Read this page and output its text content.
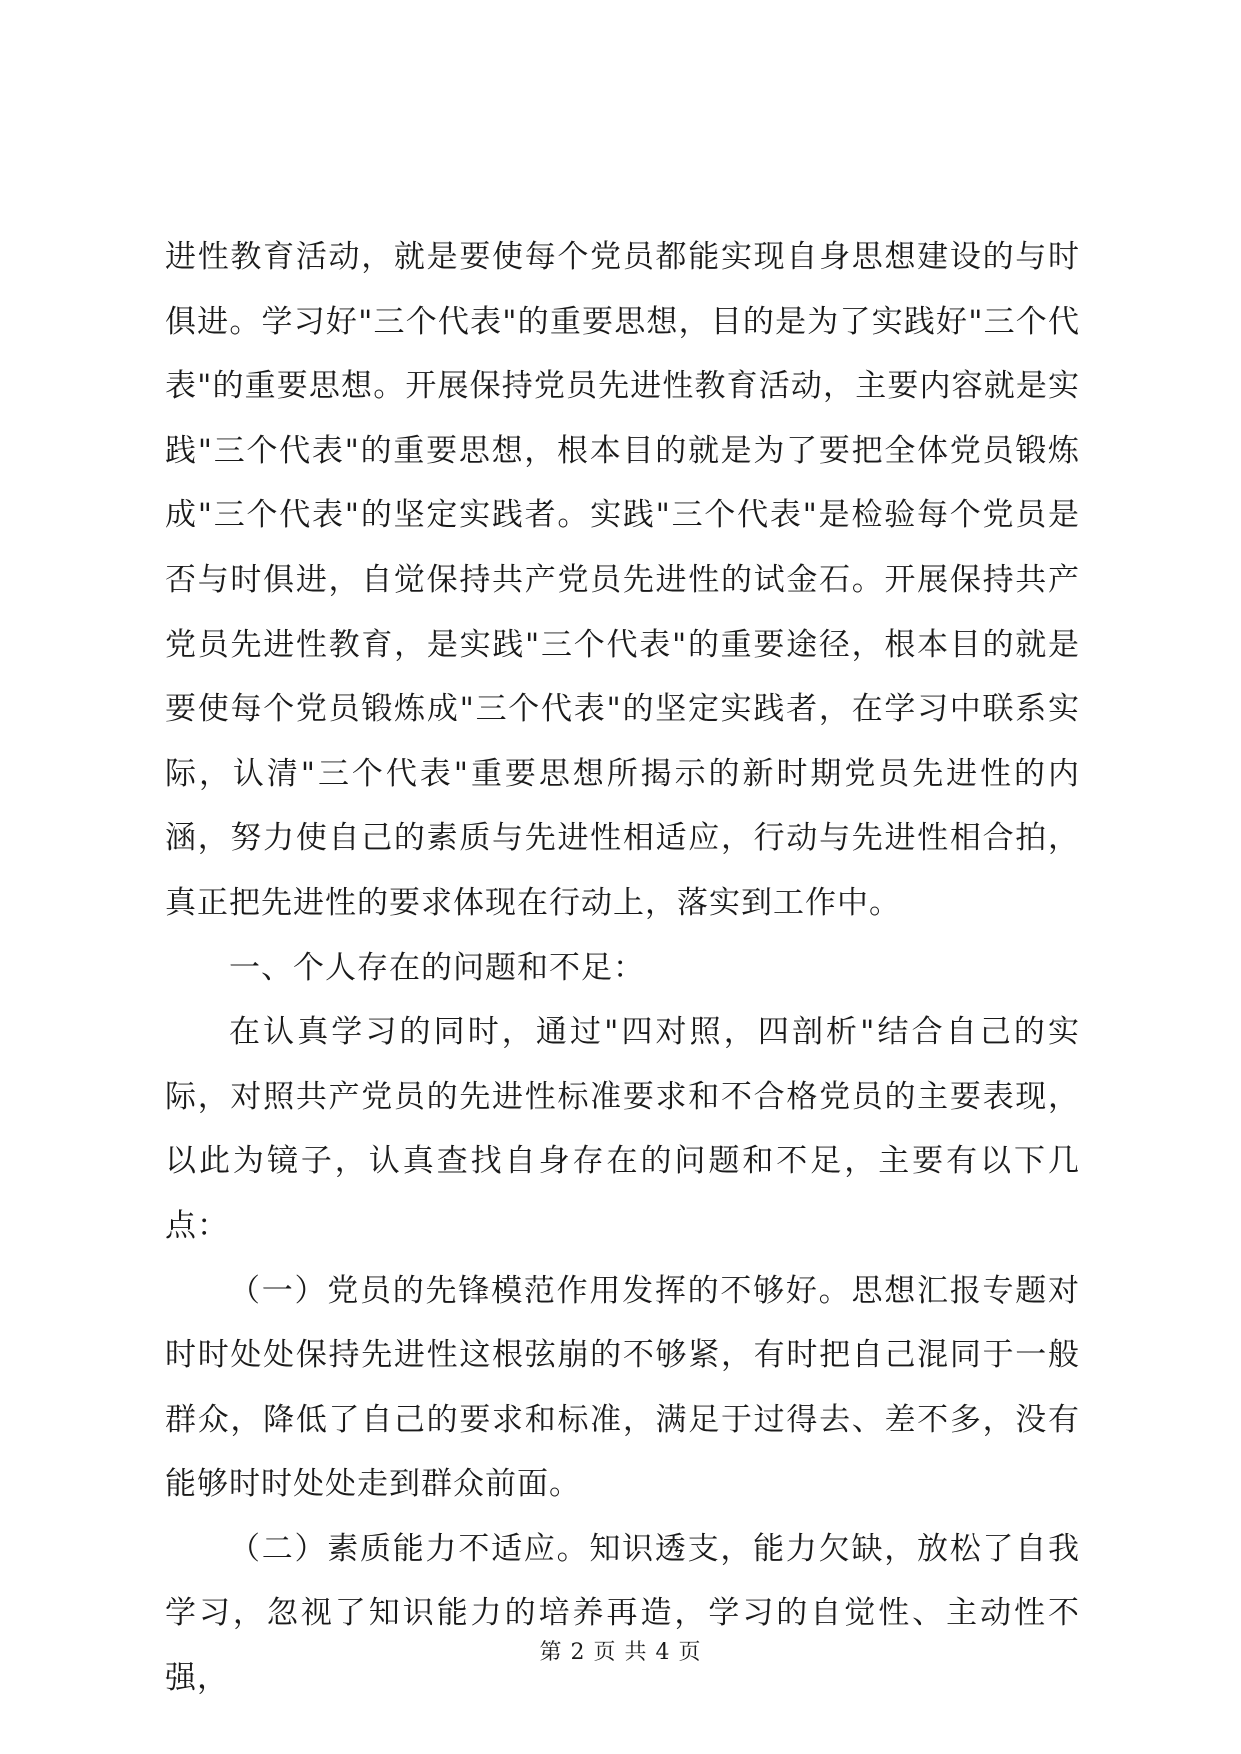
进性教育活动，就是要使每个党员都能实现自身思想建设的与时俱进。学习好"三个代表"的重要思想，目的是为了实践好"三个代表"的重要思想。开展保持党员先进性教育活动，主要内容就是实践"三个代表"的重要思想，根本目的就是为了要把全体党员锻炼成"三个代表"的坚定实践者。实践"三个代表"是检验每个党员是否与时俱进，自觉保持共产党员先进性的试金石。开展保持共产党员先进性教育，是实践"三个代表"的重要途径，根本目的就是要使每个党员锻炼成"三个代表"的坚定实践者，在学习中联系实际，认清"三个代表"重要思想所揭示的新时期党员先进性的内涵，努力使自己的素质与先进性相适应，行动与先进性相合拍，真正把先进性的要求体现在行动上，落实到工作中。

一、个人存在的问题和不足：

在认真学习的同时，通过"四对照，四剖析"结合自己的实际，对照共产党员的先进性标准要求和不合格党员的主要表现，以此为镜子，认真查找自身存在的问题和不足，主要有以下几点：

（一）党员的先锋模范作用发挥的不够好。思想汇报专题对时时处处保持先进性这根弦崩的不够紧，有时把自己混同于一般群众，降低了自己的要求和标准，满足于过得去、差不多，没有能够时时处处走到群众前面。

（二）素质能力不适应。知识透支，能力欠缺，放松了自我学习，忽视了知识能力的培养再造，学习的自觉性、主动性不强，

第 2 页 共 4 页
